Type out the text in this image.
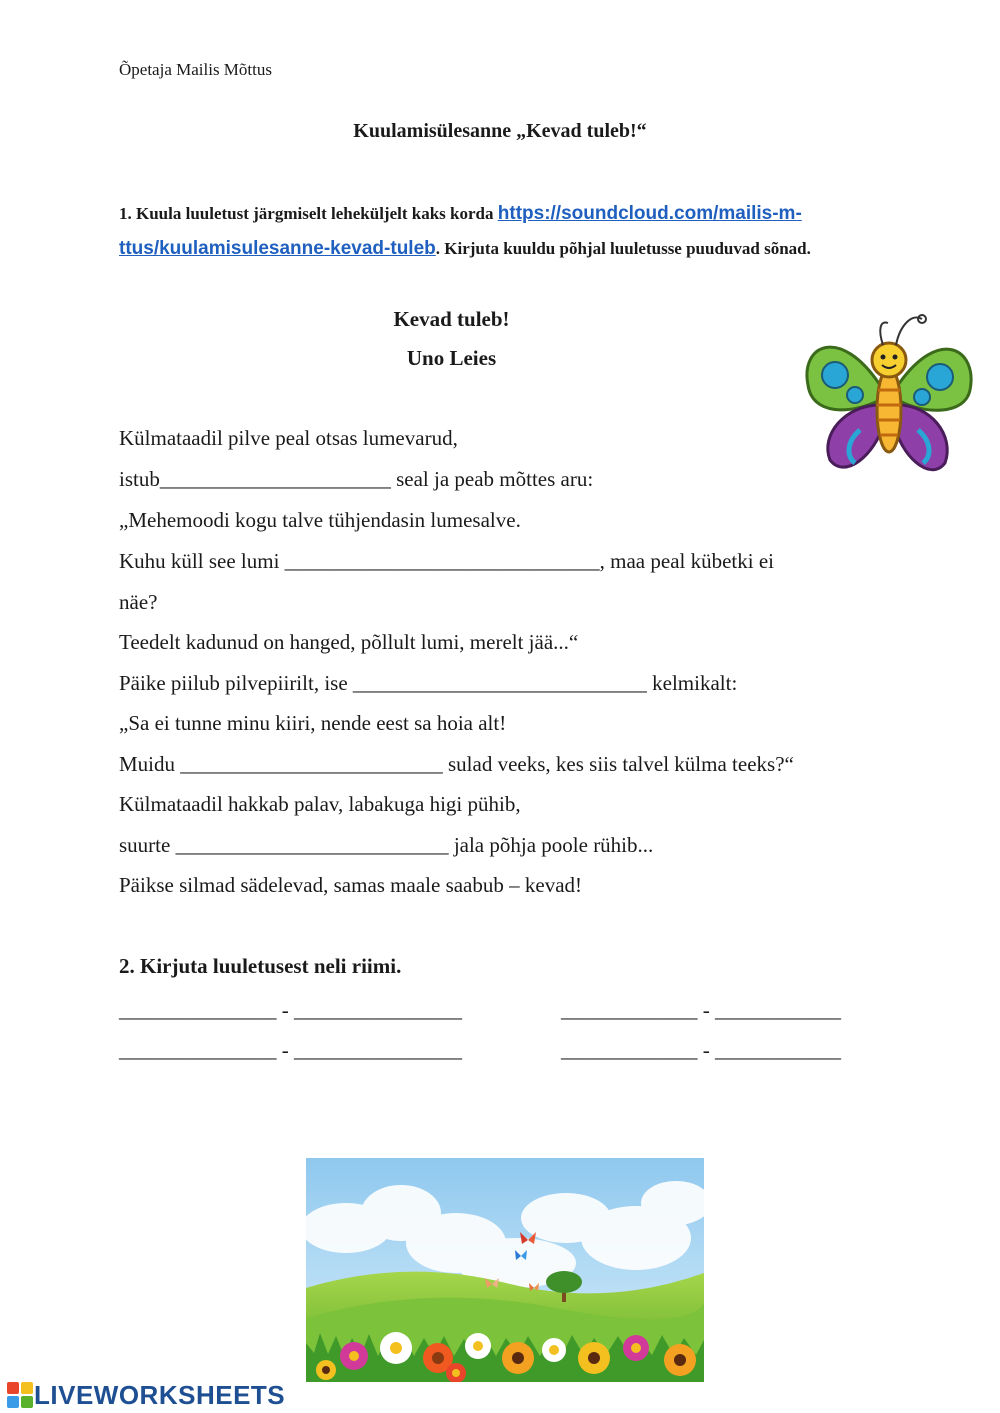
Õpetaja Mailis Mõttus
Kuulamisülesanne „Kevad tuleb!“
1. Kuula luuletust järgmiselt leheküljelt kaks korda https://soundcloud.com/mailis-m-ttus/kuulamisulesanne-kevad-tuleb. Kirjuta kuuldu põhjal luuletusse puuduvad sõnad.
Kevad tuleb!
Uno Leies
Külmataadil pilve peal otsas lumevarud,
istub______________________ seal ja peab mõttes aru:
„Mehemoodi kogu talve tühjendasin lumesalve.
Kuhu küll see lumi ______________________________, maa peal kübetki ei
näe?
Teedelt kadunud on hanged, põllult lumi, merelt jää...“
Päike piilub pilvepiirilt, ise ____________________________ kelmikalt:
„Sa ei tunne minu kiiri, nende eest sa hoia alt!
Muidu _________________________ sulad veeks, kes siis talvel külma teeks?“
Külmataadil hakkab palav, labakuga higi pühib,
suurte __________________________ jala põhja poole rühib...
Päikse silmad sädelevad, samas maale saabub – kevad!
2. Kirjuta luuletusest neli riimi.
_______________ - ________________	_____________ - ____________
_______________ - ________________	_____________ - ____________
LIVEWORKSHEETS
